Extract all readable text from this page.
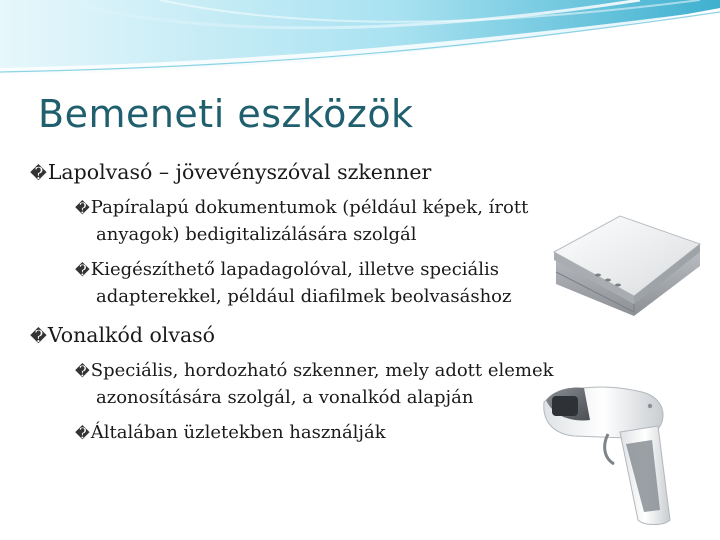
Bemeneti eszközök
�Lapolvasó – jövevényszóval szkenner
�Papíralapú dokumentumok (például képek, írott
anyagok) bedigitalizálására szolgál
�Kiegészíthető lapadagolóval, illetve speciális
adapterekkel, például diafilmek beolvasáshoz
�Vonalkód olvasó
�Speciális, hordozható szkenner, mely adott elemek
azonosítására szolgál, a vonalkód alapján
�Általában üzletekben használják
